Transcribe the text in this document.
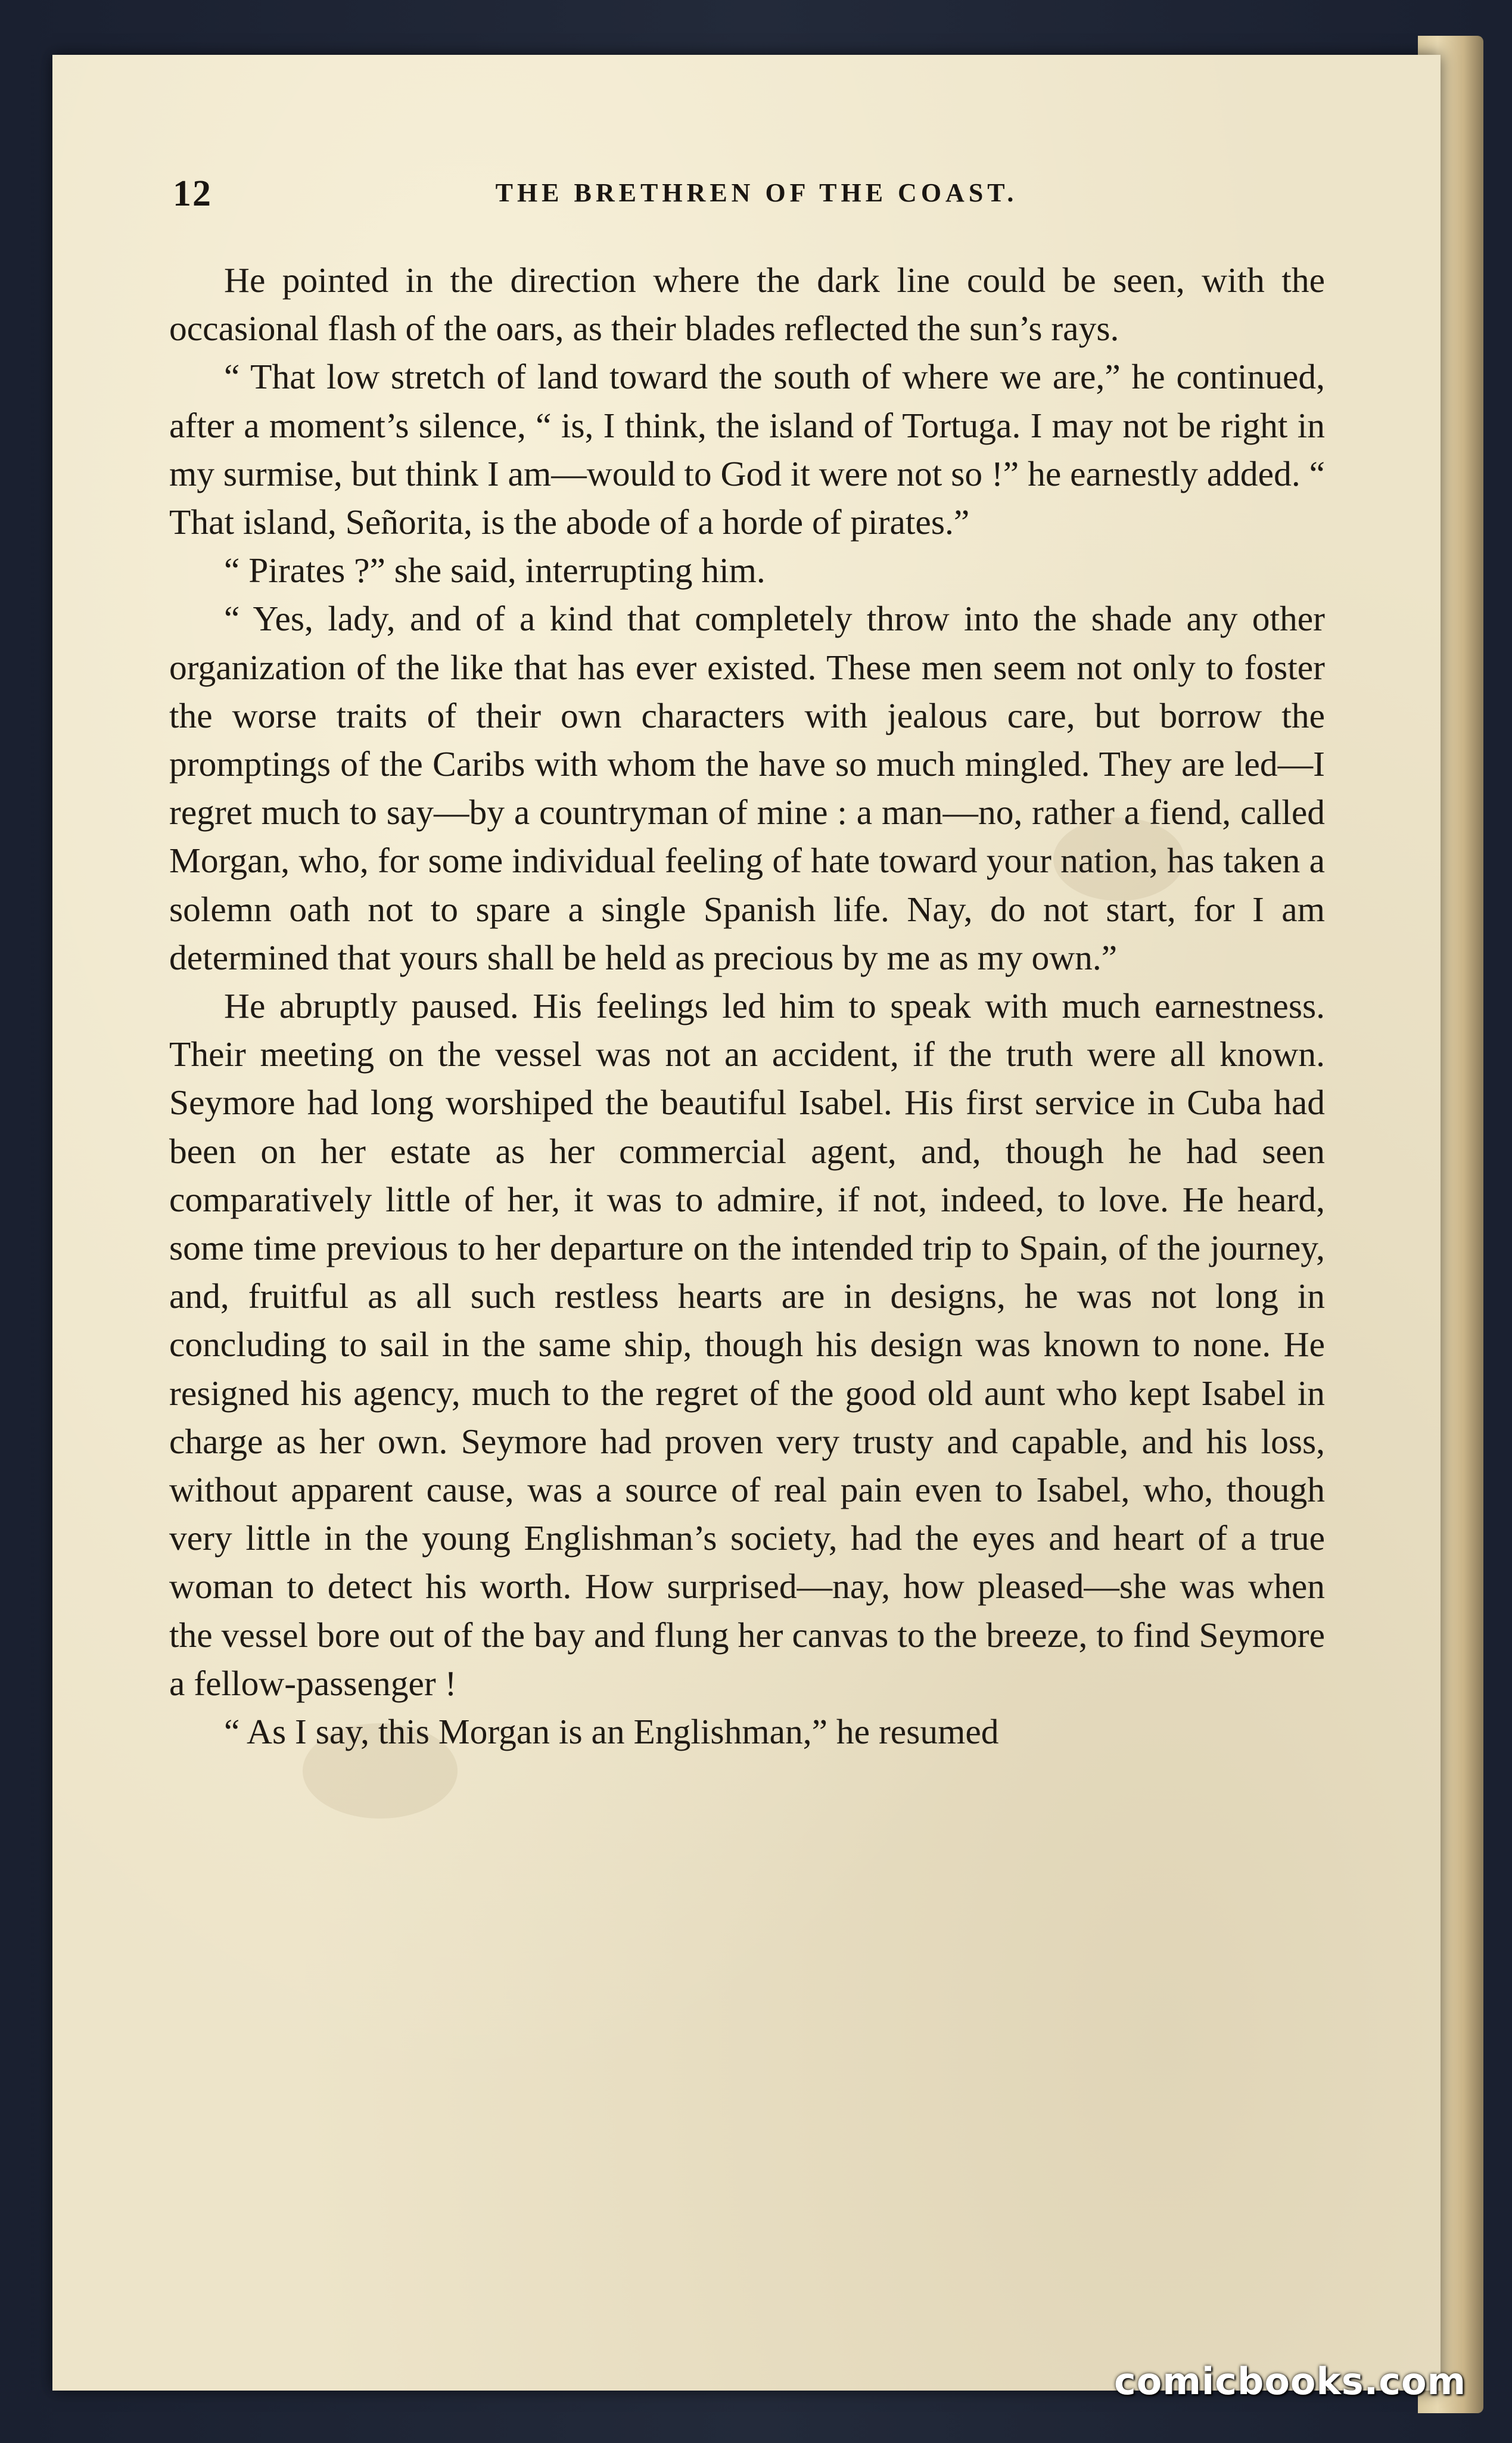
12	THE BRETHREN OF THE COAST.

He pointed in the direction where the dark line could be seen, with the occasional flash of the oars, as their blades reflected the sun’s rays.

“ That low stretch of land toward the south of where we are,” he continued, after a moment’s silence, “ is, I think, the island of Tortuga. I may not be right in my surmise, but think I am—would to God it were not so !” he earnestly added. “ That island, Señorita, is the abode of a horde of pirates.”

“ Pirates ?” she said, interrupting him.

“ Yes, lady, and of a kind that completely throw into the shade any other organization of the like that has ever existed. These men seem not only to foster the worse traits of their own characters with jealous care, but borrow the promptings of the Caribs with whom the have so much mingled. They are led—I regret much to say—by a countryman of mine : a man—no, rather a fiend, called Morgan, who, for some individual feeling of hate toward your nation, has taken a solemn oath not to spare a single Spanish life. Nay, do not start, for I am determined that yours shall be held as precious by me as my own.”

He abruptly paused. His feelings led him to speak with much earnestness. Their meeting on the vessel was not an accident, if the truth were all known. Seymore had long worshiped the beautiful Isabel. His first service in Cuba had been on her estate as her commercial agent, and, though he had seen comparatively little of her, it was to admire, if not, indeed, to love. He heard, some time previous to her departure on the intended trip to Spain, of the journey, and, fruitful as all such restless hearts are in designs, he was not long in concluding to sail in the same ship, though his design was known to none. He resigned his agency, much to the regret of the good old aunt who kept Isabel in charge as her own. Seymore had proven very trusty and capable, and his loss, without apparent cause, was a source of real pain even to Isabel, who, though very little in the young Englishman’s society, had the eyes and heart of a true woman to detect his worth. How surprised—nay, how pleased—she was when the vessel bore out of the bay and flung her canvas to the breeze, to find Seymore a fellow-passenger !

“ As I say, this Morgan is an Englishman,” he resumed

comicbooks.com
